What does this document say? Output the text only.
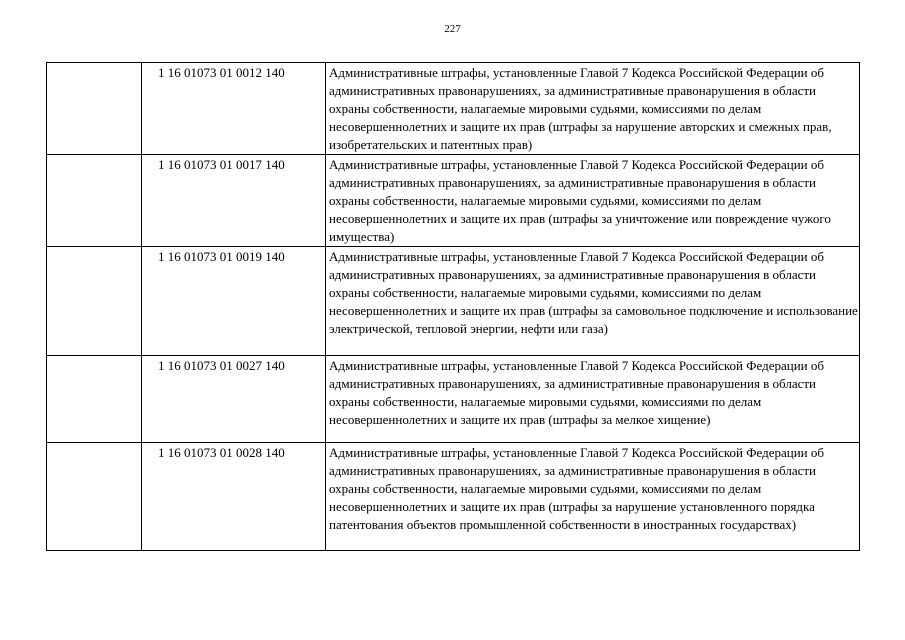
227
	1 16 01073 01 0012 140	Административные штрафы, установленные Главой 7 Кодекса Российской Федерации об административных правонарушениях, за административные правонарушения в области охраны собственности, налагаемые мировыми судьями, комиссиями по делам несовершеннолетних и защите их прав (штрафы за нарушение авторских и смежных прав, изобретательских и патентных прав)
	1 16 01073 01 0017 140	Административные штрафы, установленные Главой 7 Кодекса Российской Федерации об административных правонарушениях, за административные правонарушения в области охраны собственности, налагаемые мировыми судьями, комиссиями по делам несовершеннолетних и защите их прав (штрафы за уничтожение или повреждение чужого имущества)
	1 16 01073 01 0019 140	Административные штрафы, установленные Главой 7 Кодекса Российской Федерации об административных правонарушениях, за административные правонарушения в области охраны собственности, налагаемые мировыми судьями, комиссиями по делам несовершеннолетних и защите их прав (штрафы за самовольное подключение и использование электрической, тепловой энергии, нефти или газа)
	1 16 01073 01 0027 140	Административные штрафы, установленные Главой 7 Кодекса Российской Федерации об административных правонарушениях, за административные правонарушения в области охраны собственности, налагаемые мировыми судьями, комиссиями по делам несовершеннолетних и защите их прав (штрафы за мелкое хищение)
	1 16 01073 01 0028 140	Административные штрафы, установленные Главой 7 Кодекса Российской Федерации об административных правонарушениях, за административные правонарушения в области охраны собственности, налагаемые мировыми судьями, комиссиями по делам несовершеннолетних и защите их прав (штрафы за нарушение установленного порядка патентования объектов промышленной собственности в иностранных государствах)
